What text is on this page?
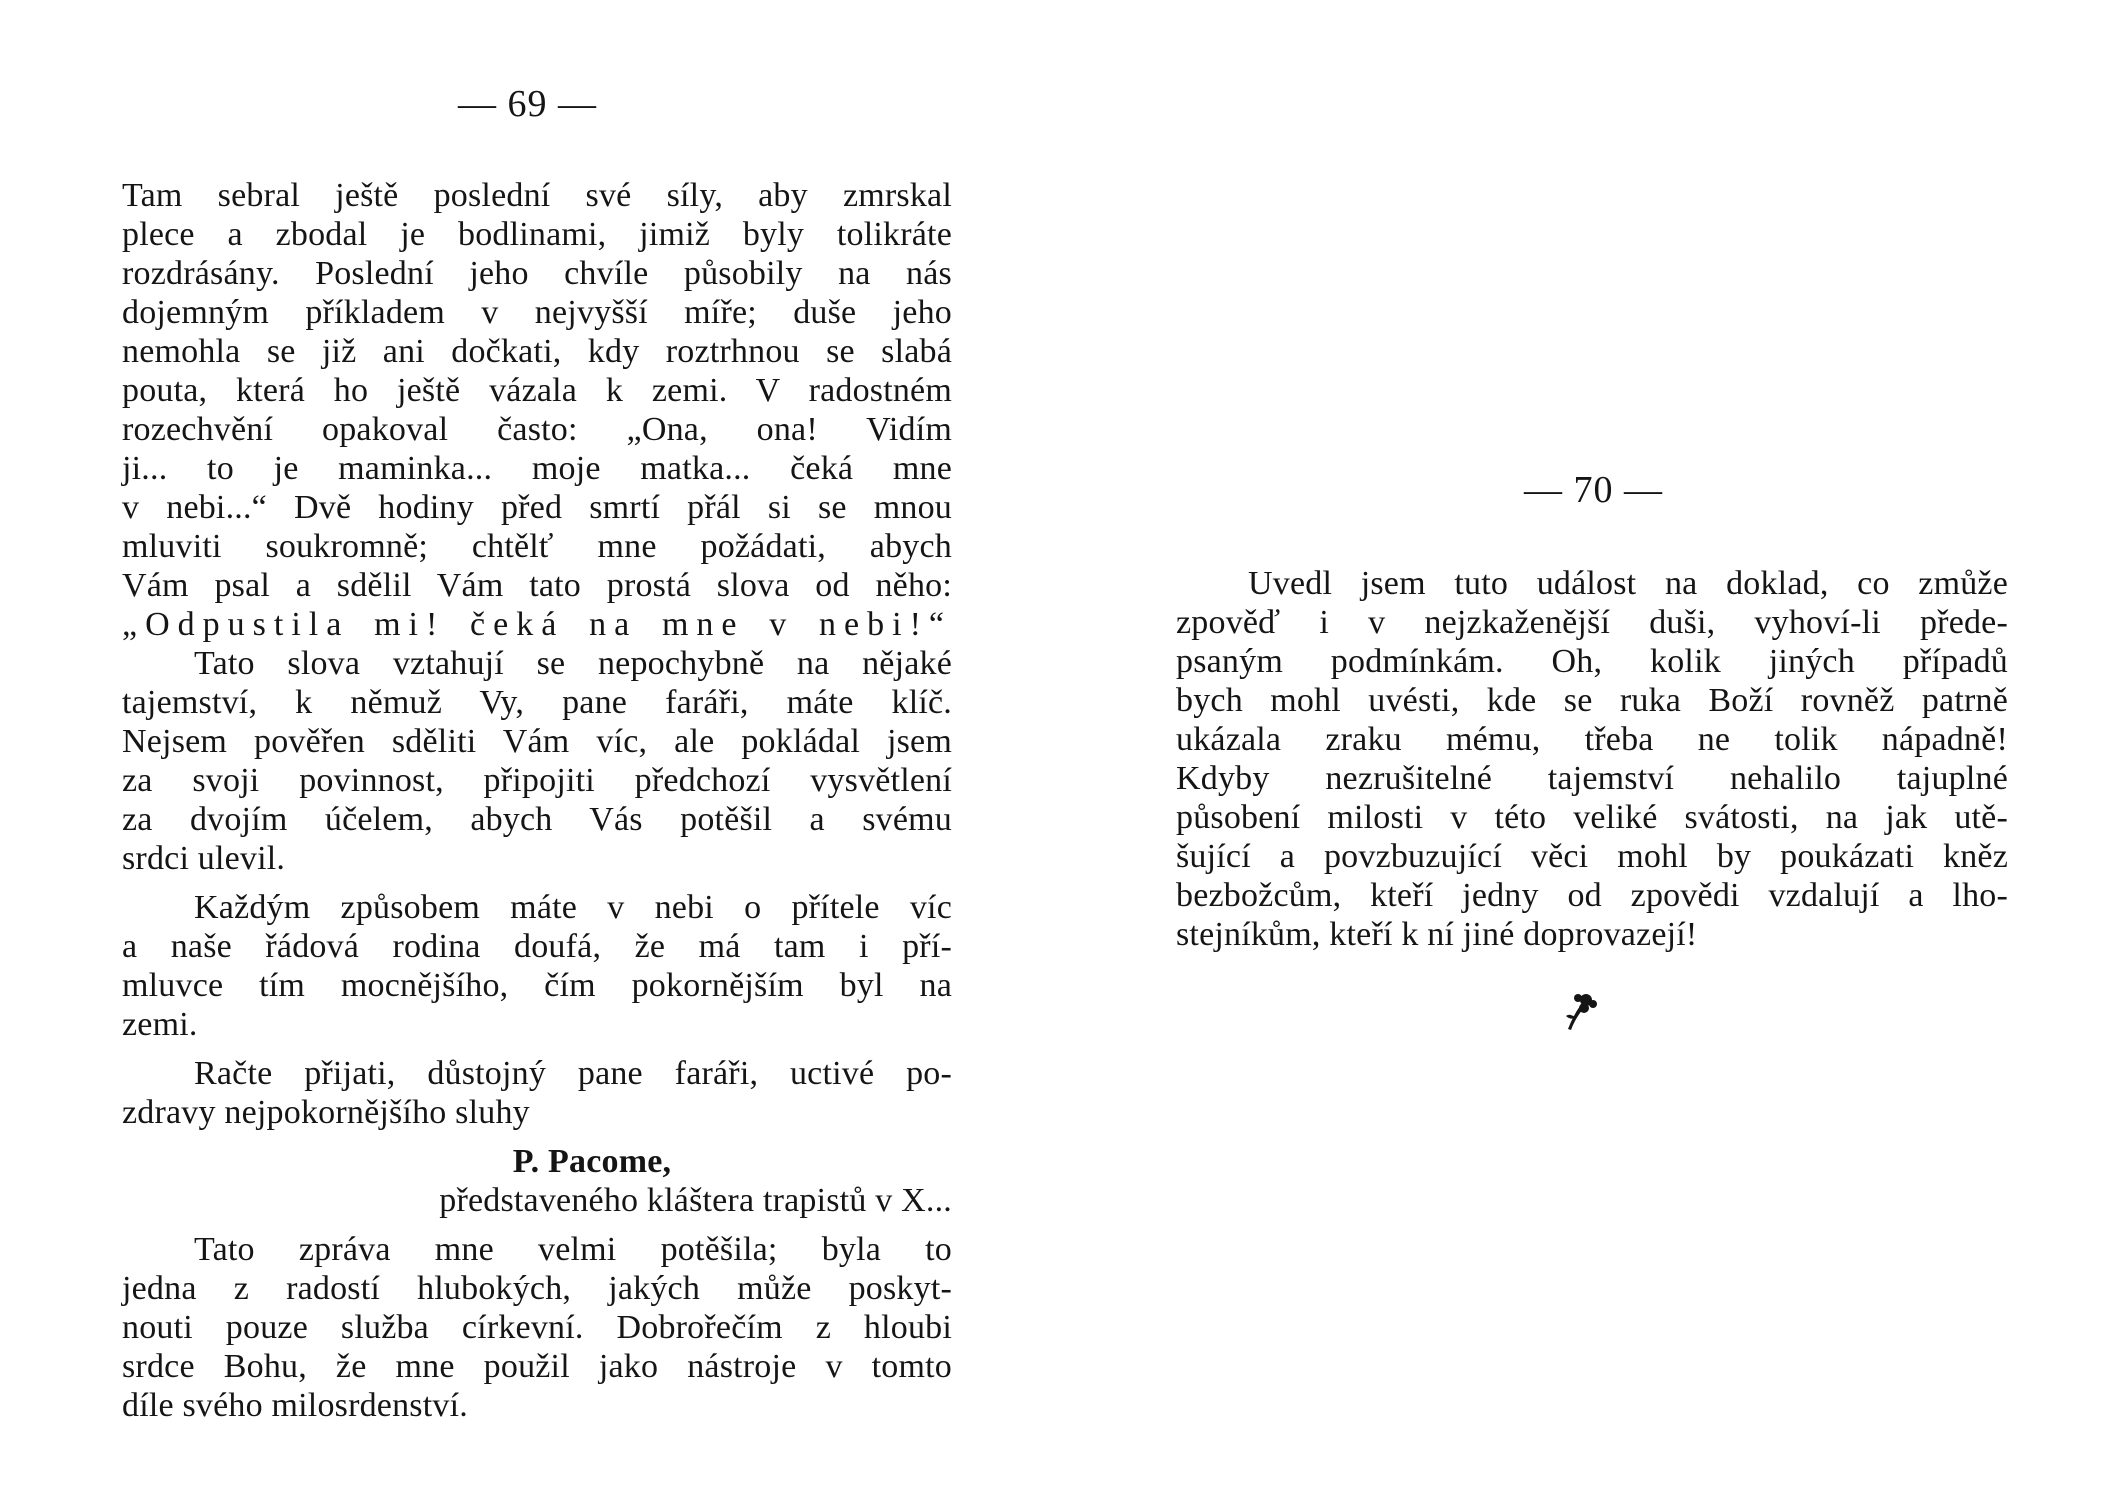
— 69 —
Tam sebral ještě poslední své síly, aby zmrskal
plece a zbodal je bodlinami, jimiž byly tolikráte
rozdrásány. Poslední jeho chvíle působily na nás
dojemným příkladem v nejvyšší míře; duše jeho
nemohla se již ani dočkati, kdy roztrhnou se slabá
pouta, která ho ještě vázala k zemi. V radostném
rozechvění opakoval často: „Ona, ona! Vidím
ji... to je maminka... moje matka... čeká mne
v nebi...“ Dvě hodiny před smrtí přál si se mnou
mluviti soukromně; chtělť mne požádati, abych
Vám psal a sdělil Vám tato prostá slova od něho:
„Odpustila mi! čeká na mne v nebi!“
Tato slova vztahují se nepochybně na nějaké
tajemství, k němuž Vy, pane faráři, máte klíč.
Nejsem pověřen sděliti Vám víc, ale pokládal jsem
za svoji povinnost, připojiti předchozí vysvětlení
za dvojím účelem, abych Vás potěšil a svému
srdci ulevil.
Každým způsobem máte v nebi o přítele víc
a naše řádová rodina doufá, že má tam i pří-
mluvce tím mocnějšího, čím pokornějším byl na
zemi.
Račte přijati, důstojný pane faráři, uctivé po-
zdravy nejpokornějšího sluhy
P. Pacome,
představeného kláštera trapistů v X...
Tato zpráva mne velmi potěšila; byla to
jedna z radostí hlubokých, jakých může poskyt-
nouti pouze služba církevní. Dobrořečím z hloubi
srdce Bohu, že mne použil jako nástroje v tomto
díle svého milosrdenství.
— 70 —
Uvedl jsem tuto událost na doklad, co zmůže
zpověď i v nejzkaženější duši, vyhoví-li přede-
psaným podmínkám. Oh, kolik jiných případů
bych mohl uvésti, kde se ruka Boží rovněž patrně
ukázala zraku mému, třeba ne tolik nápadně!
Kdyby nezrušitelné tajemství nehalilo tajuplné
působení milosti v této veliké svátosti, na jak utě-
šující a povzbuzující věci mohl by poukázati kněz
bezbožcům, kteří jedny od zpovědi vzdalují a lho-
stejníkům, kteří k ní jiné doprovazejí!
